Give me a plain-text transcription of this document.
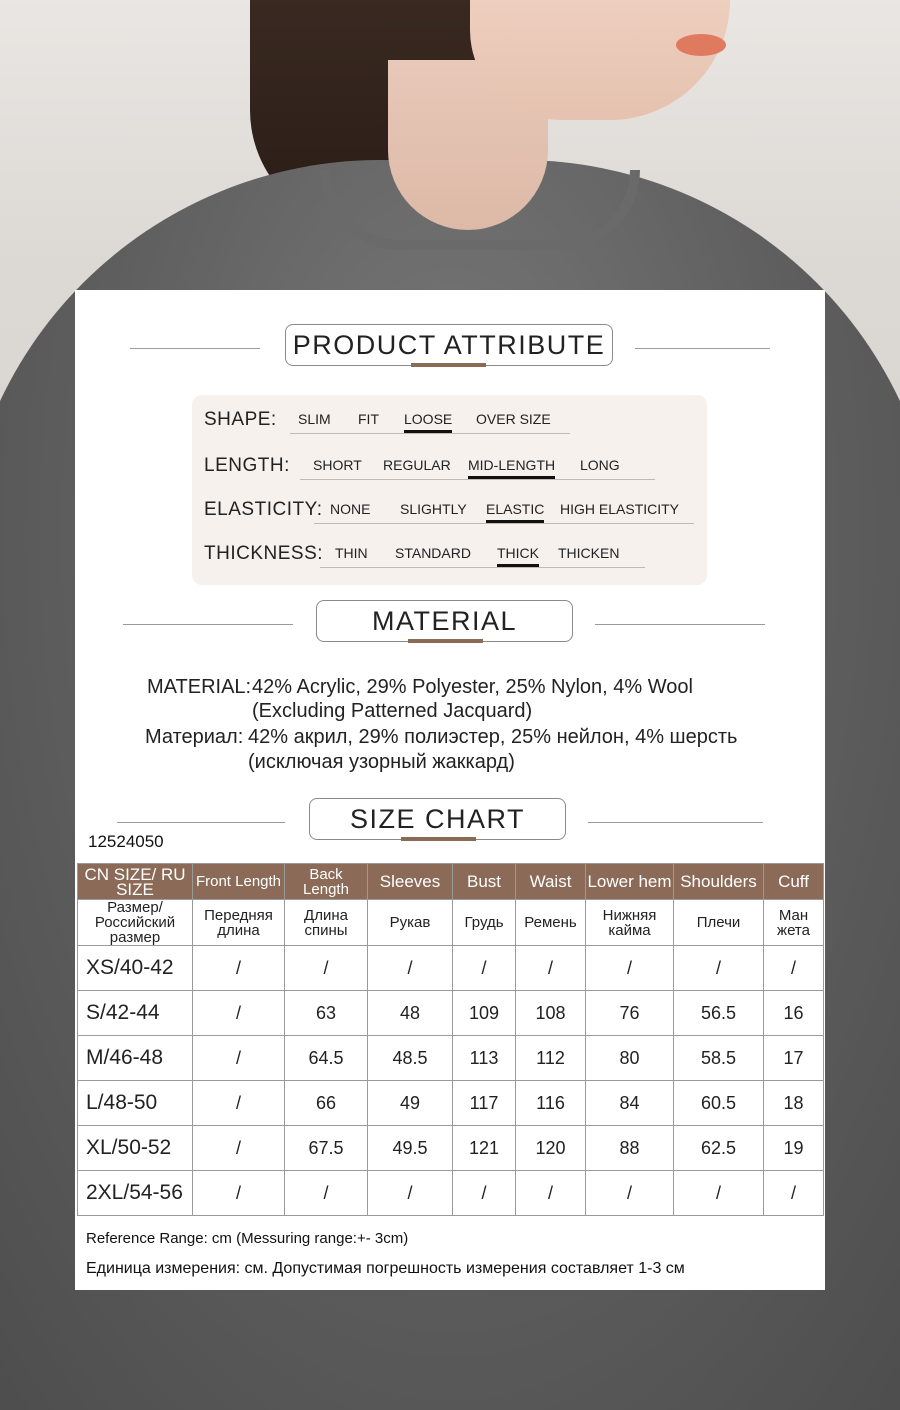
PRODUCT ATTRIBUTE
SHAPE: SLIM FIT LOOSE OVER SIZE
LENGTH: SHORT REGULAR MID-LENGTH LONG
ELASTICITY: NONE SLIGHTLY ELASTIC HIGH ELASTICITY
THICKNESS: THIN STANDARD THICK THICKEN
MATERIAL
MATERIAL: 42% Acrylic, 29% Polyester, 25% Nylon, 4% Wool
(Excluding Patterned Jacquard)
Материал: 42% акрил, 29% полиэстер, 25% нейлон, 4% шерсть
(исключая узорный жаккард)
SIZE CHART
12524050
CN SIZE/ RU SIZE	Front Length	Back Length	Sleeves	Bust	Waist	Lower hem	Shoulders	Cuff
Размер/ Российский размер	Передняя длина	Длина спины	Рукав	Грудь	Ремень	Нижняя кайма	Плечи	Ман жета
XS/40-42	/	/	/	/	/	/	/	/
S/42-44	/	63	48	109	108	76	56.5	16
M/46-48	/	64.5	48.5	113	112	80	58.5	17
L/48-50	/	66	49	117	116	84	60.5	18
XL/50-52	/	67.5	49.5	121	120	88	62.5	19
2XL/54-56	/	/	/	/	/	/	/	/
Reference Range: cm (Messuring range:+- 3cm)
Единица измерения: см. Допустимая погрешность измерения составляет 1-3 см
